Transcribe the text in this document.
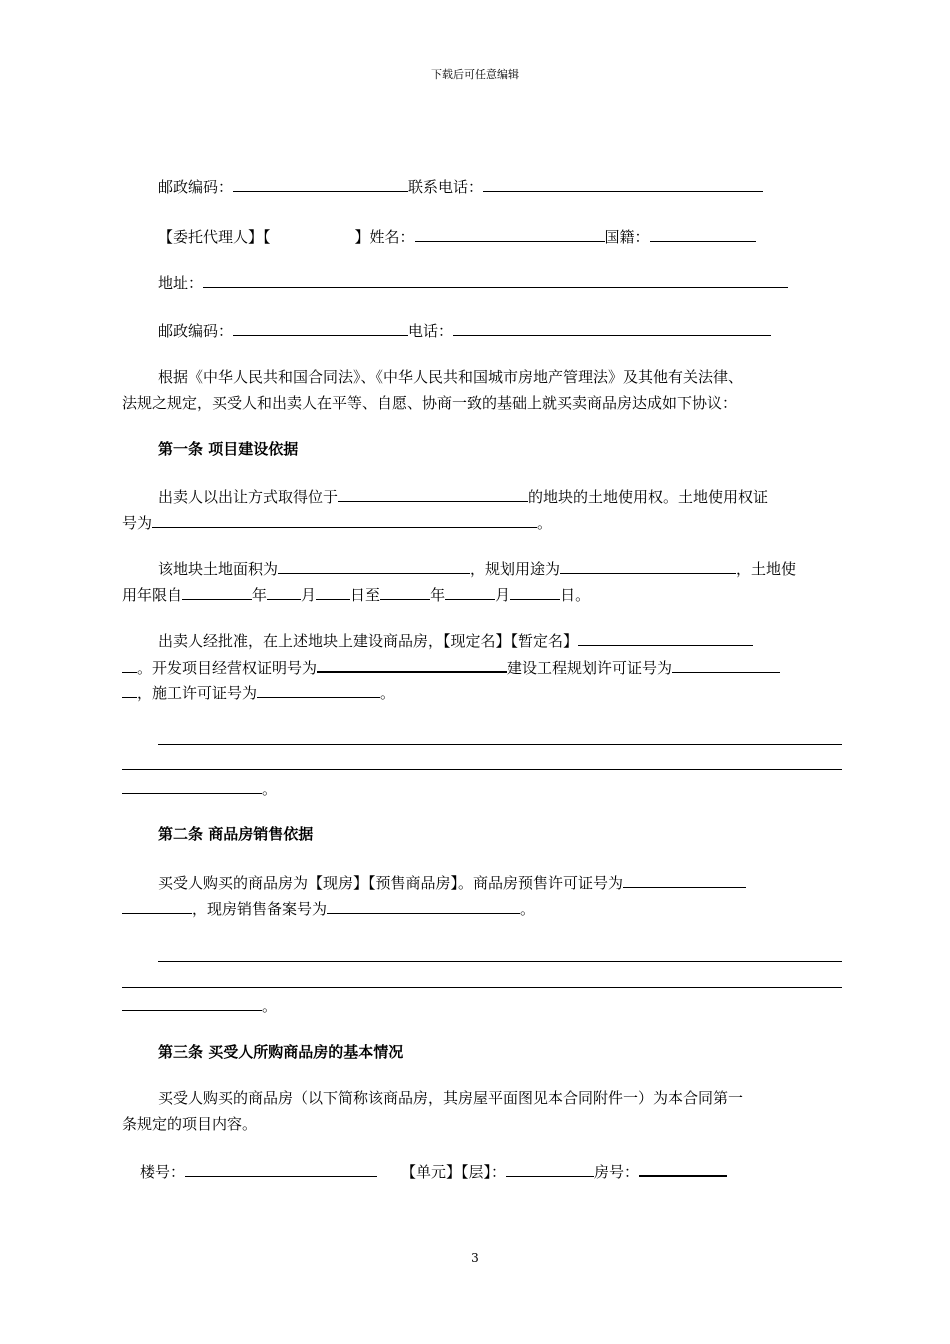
下载后可任意编辑
邮政编码：	联系电话：
【委托代理人】【	】姓名：	国籍：
地址：
邮政编码：	电话：
根据《中华人民共和国合同法》、《中华人民共和国城市房地产管理法》及其他有关法律、
法规之规定，买受人和出卖人在平等、自愿、协商一致的基础上就买卖商品房达成如下协议：
第一条 项目建设依据
出卖人以出让方式取得位于	的地块的土地使用权。土地使用权证
号为	。
该地块土地面积为	，规划用途为	，土地使
用年限自	年 月 日至	年	月	日。
出卖人经批准，在上述地块上建设商品房，【现定名】【暂定名】
。开发项目经营权证明号为	建设工程规划许可证号为
，施工许可证号为	。
。
第二条 商品房销售依据
买受人购买的商品房为【现房】【预售商品房】。商品房预售许可证号为
，现房销售备案号为	。
。
第三条 买受人所购商品房的基本情况
买受人购买的商品房（以下简称该商品房，其房屋平面图见本合同附件一）为本合同第一
条规定的项目内容。
楼号：	【单元】【层】：	房号：
3
